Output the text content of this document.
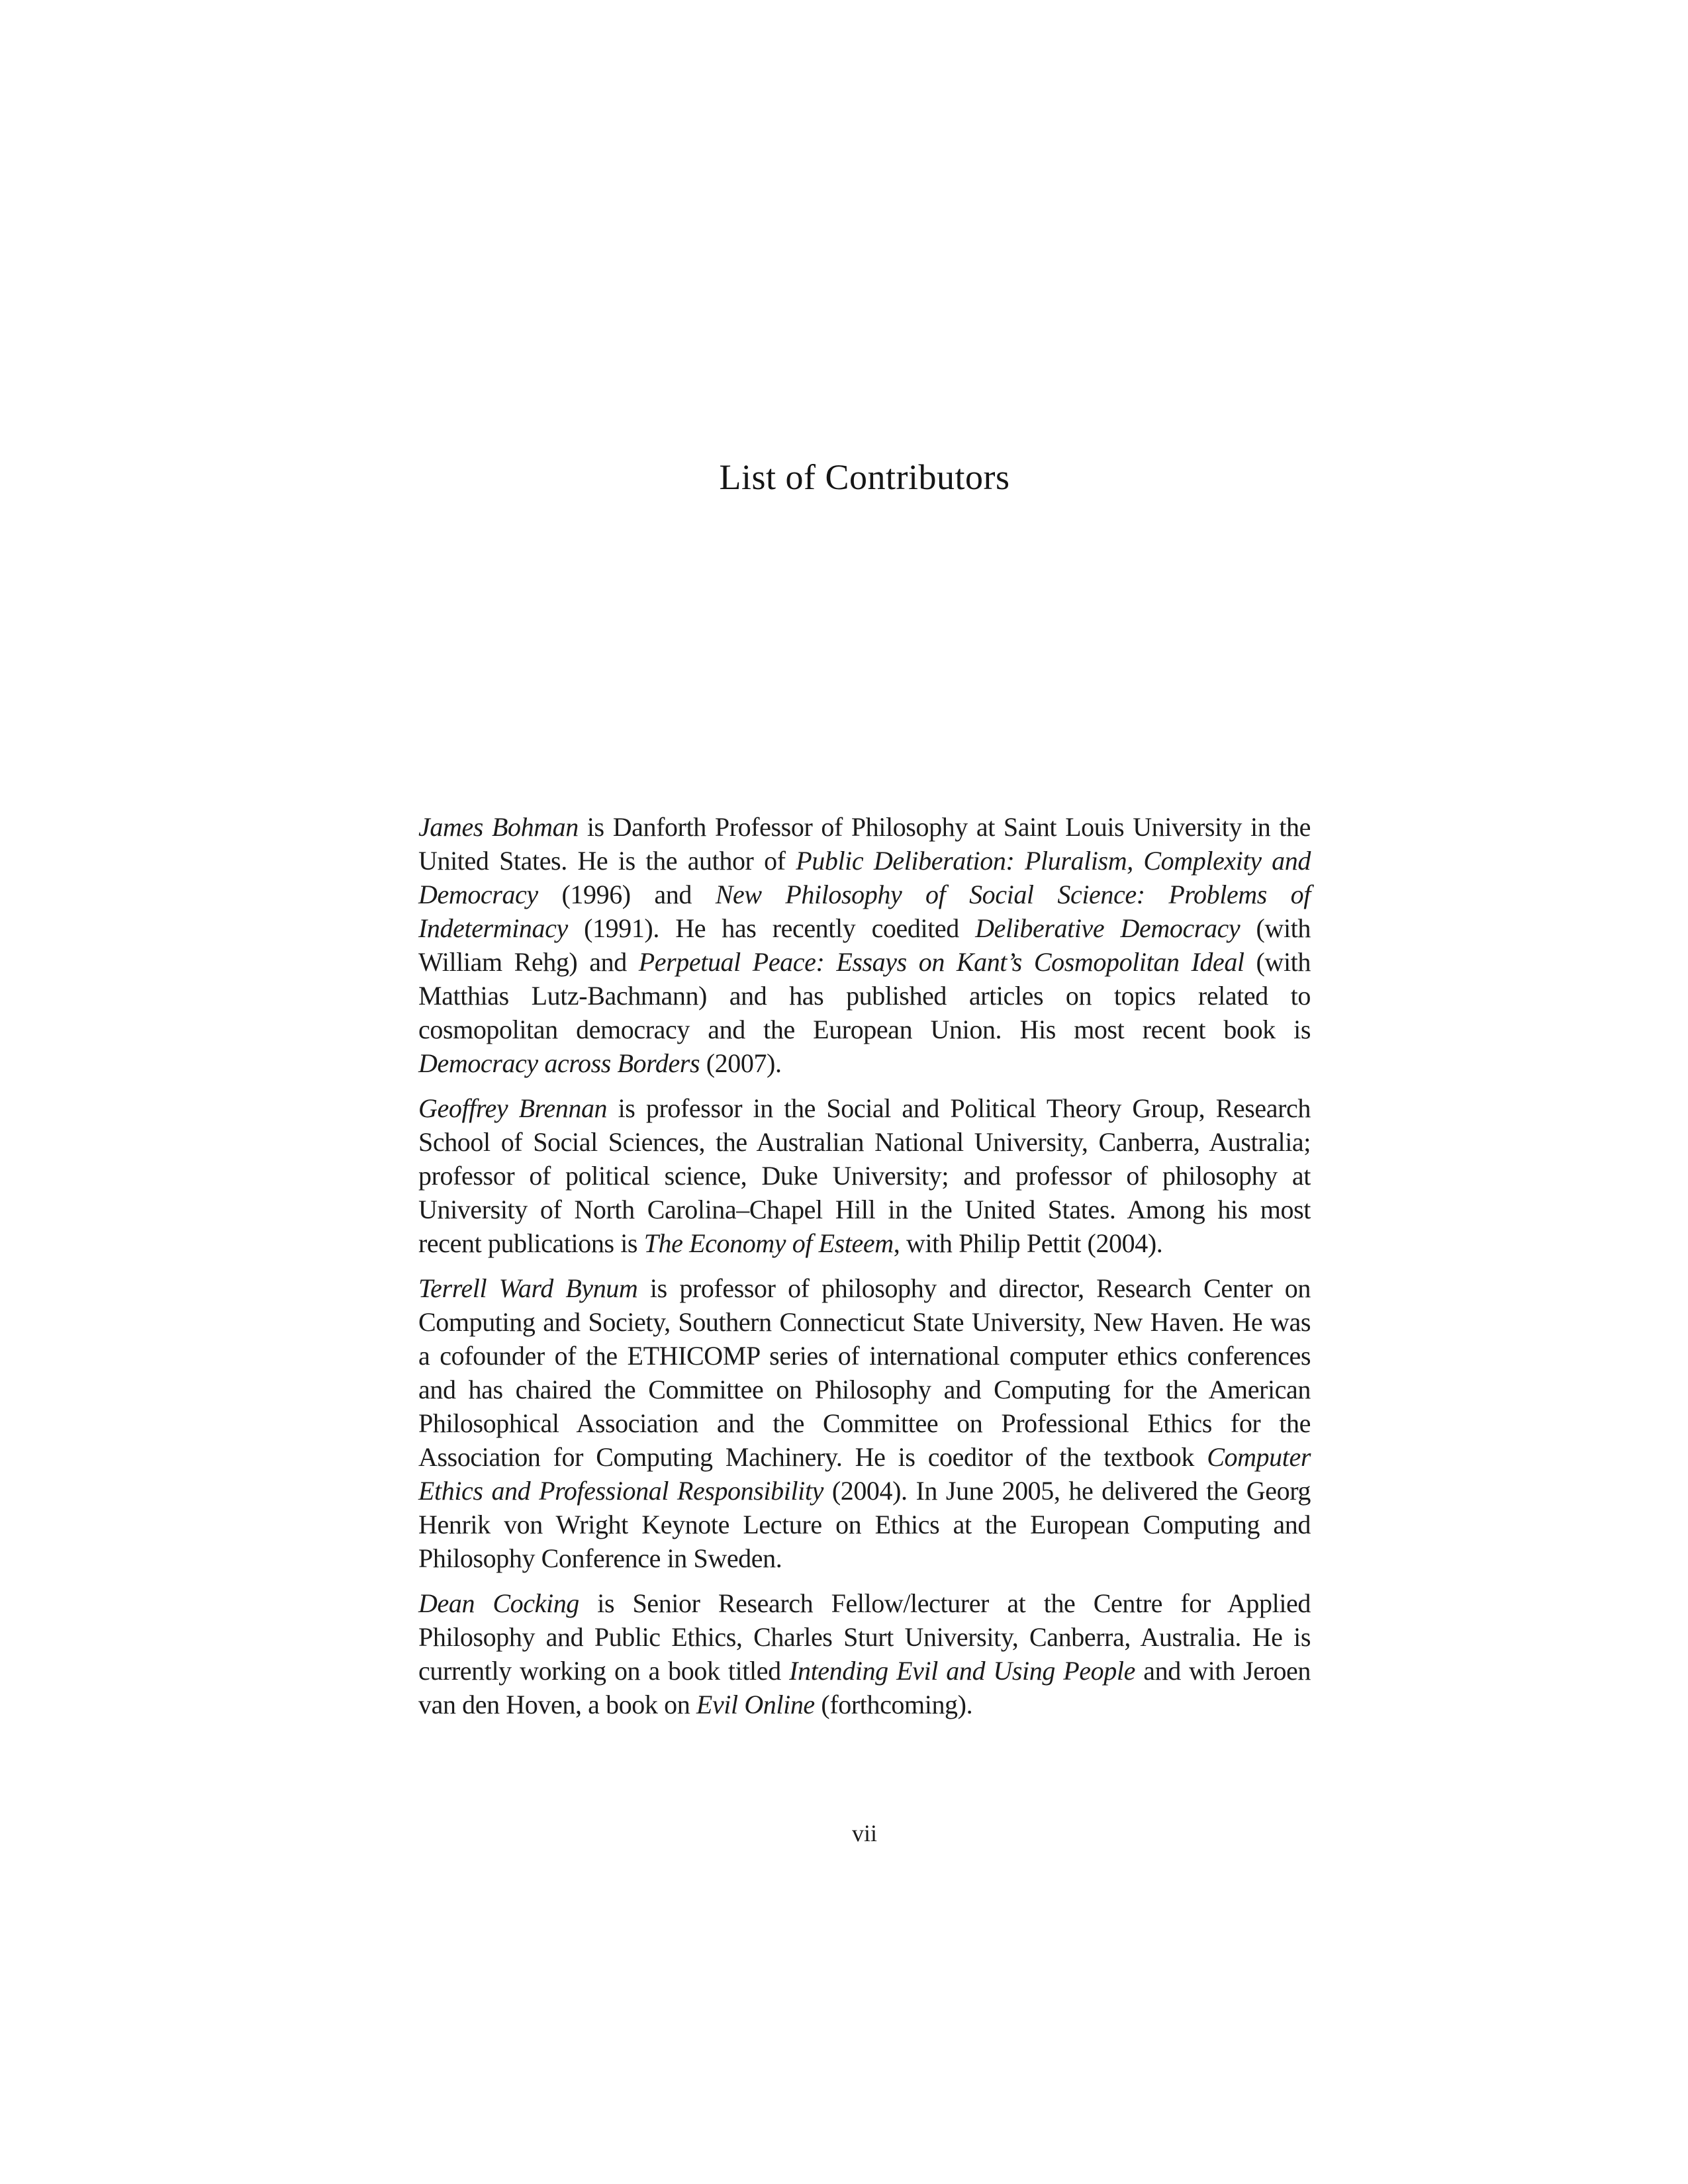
List of Contributors

James Bohman is Danforth Professor of Philosophy at Saint Louis University in the United States. He is the author of Public Deliberation: Pluralism, Complexity and Democracy (1996) and New Philosophy of Social Science: Problems of Indeterminacy (1991). He has recently coedited Deliberative Democracy (with William Rehg) and Perpetual Peace: Essays on Kant’s Cosmopolitan Ideal (with Matthias Lutz-Bachmann) and has published articles on topics related to cosmopolitan democracy and the European Union. His most recent book is Democracy across Borders (2007).

Geoffrey Brennan is professor in the Social and Political Theory Group, Research School of Social Sciences, the Australian National University, Canberra, Australia; professor of political science, Duke University; and professor of philosophy at University of North Carolina–Chapel Hill in the United States. Among his most recent publications is The Economy of Esteem, with Philip Pettit (2004).

Terrell Ward Bynum is professor of philosophy and director, Research Center on Computing and Society, Southern Connecticut State University, New Haven. He was a cofounder of the ETHICOMP series of international computer ethics conferences and has chaired the Committee on Philosophy and Computing for the American Philosophical Association and the Committee on Professional Ethics for the Association for Computing Machinery. He is coeditor of the textbook Computer Ethics and Professional Responsibility (2004). In June 2005, he delivered the Georg Henrik von Wright Keynote Lecture on Ethics at the European Computing and Philosophy Conference in Sweden.

Dean Cocking is Senior Research Fellow/lecturer at the Centre for Applied Philosophy and Public Ethics, Charles Sturt University, Canberra, Australia. He is currently working on a book titled Intending Evil and Using People and with Jeroen van den Hoven, a book on Evil Online (forthcoming).

vii
